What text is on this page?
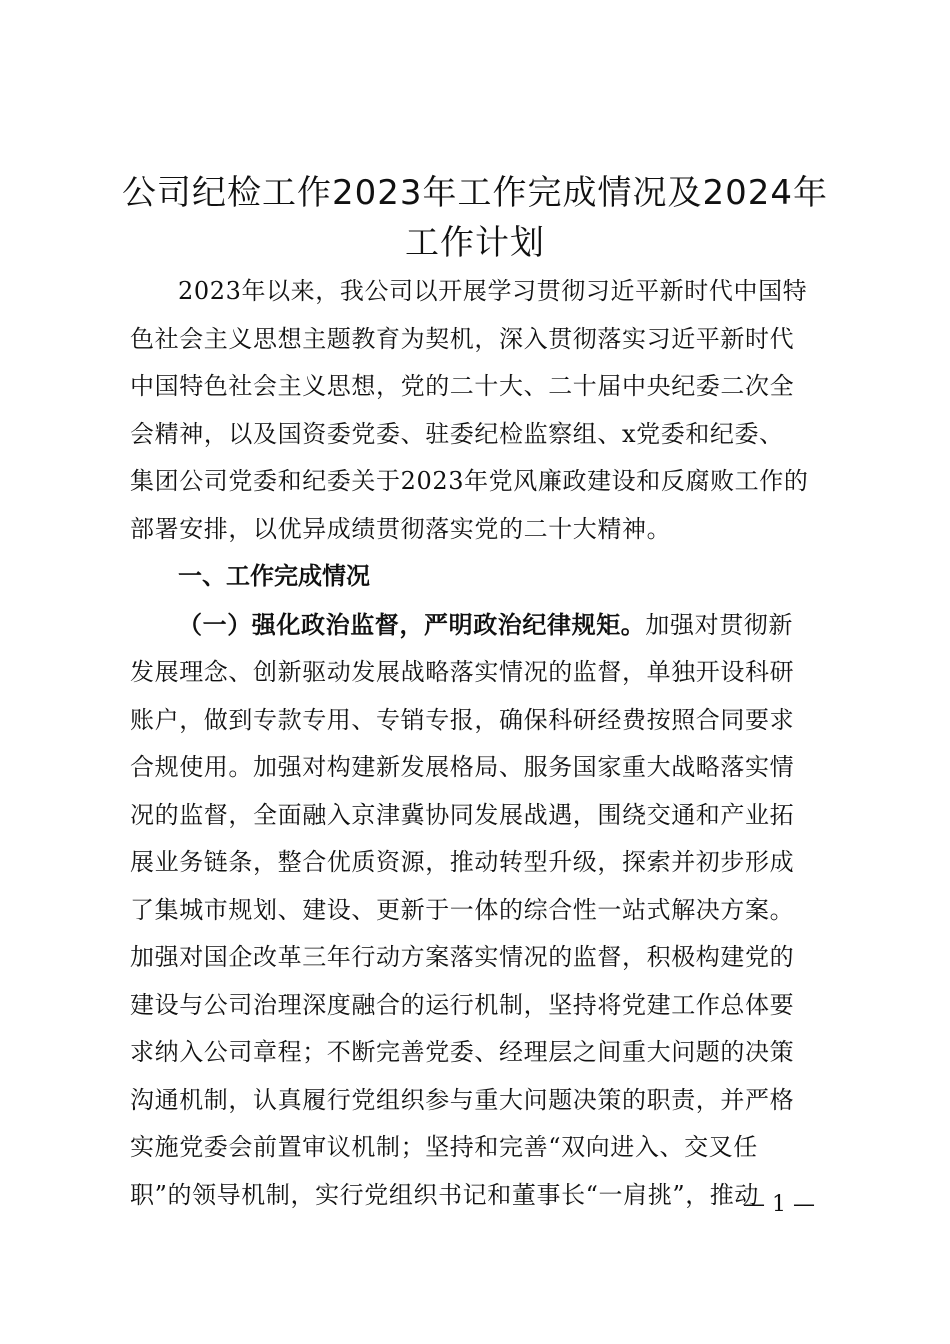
公司纪检工作2023年工作完成情况及2024年
工作计划

2023年以来，我公司以开展学习贯彻习近平新时代中国特
色社会主义思想主题教育为契机，深入贯彻落实习近平新时代
中国特色社会主义思想，党的二十大、二十届中央纪委二次全
会精神，以及国资委党委、驻委纪检监察组、x党委和纪委、
集团公司党委和纪委关于2023年党风廉政建设和反腐败工作的
部署安排，以优异成绩贯彻落实党的二十大精神。

一、工作完成情况

（一）强化政治监督，严明政治纪律规矩。加强对贯彻新
发展理念、创新驱动发展战略落实情况的监督，单独开设科研
账户，做到专款专用、专销专报，确保科研经费按照合同要求
合规使用。加强对构建新发展格局、服务国家重大战略落实情
况的监督，全面融入京津冀协同发展战遇，围绕交通和产业拓
展业务链条，整合优质资源，推动转型升级，探索并初步形成
了集城市规划、建设、更新于一体的综合性一站式解决方案。
加强对国企改革三年行动方案落实情况的监督，积极构建党的
建设与公司治理深度融合的运行机制，坚持将党建工作总体要
求纳入公司章程；不断完善党委、经理层之间重大问题的决策
沟通机制，认真履行党组织参与重大问题决策的职责，并严格
实施党委会前置审议机制；坚持和完善“双向进入、交叉任
职”的领导机制，实行党组织书记和董事长“一肩挑”，推动

— 1 —
